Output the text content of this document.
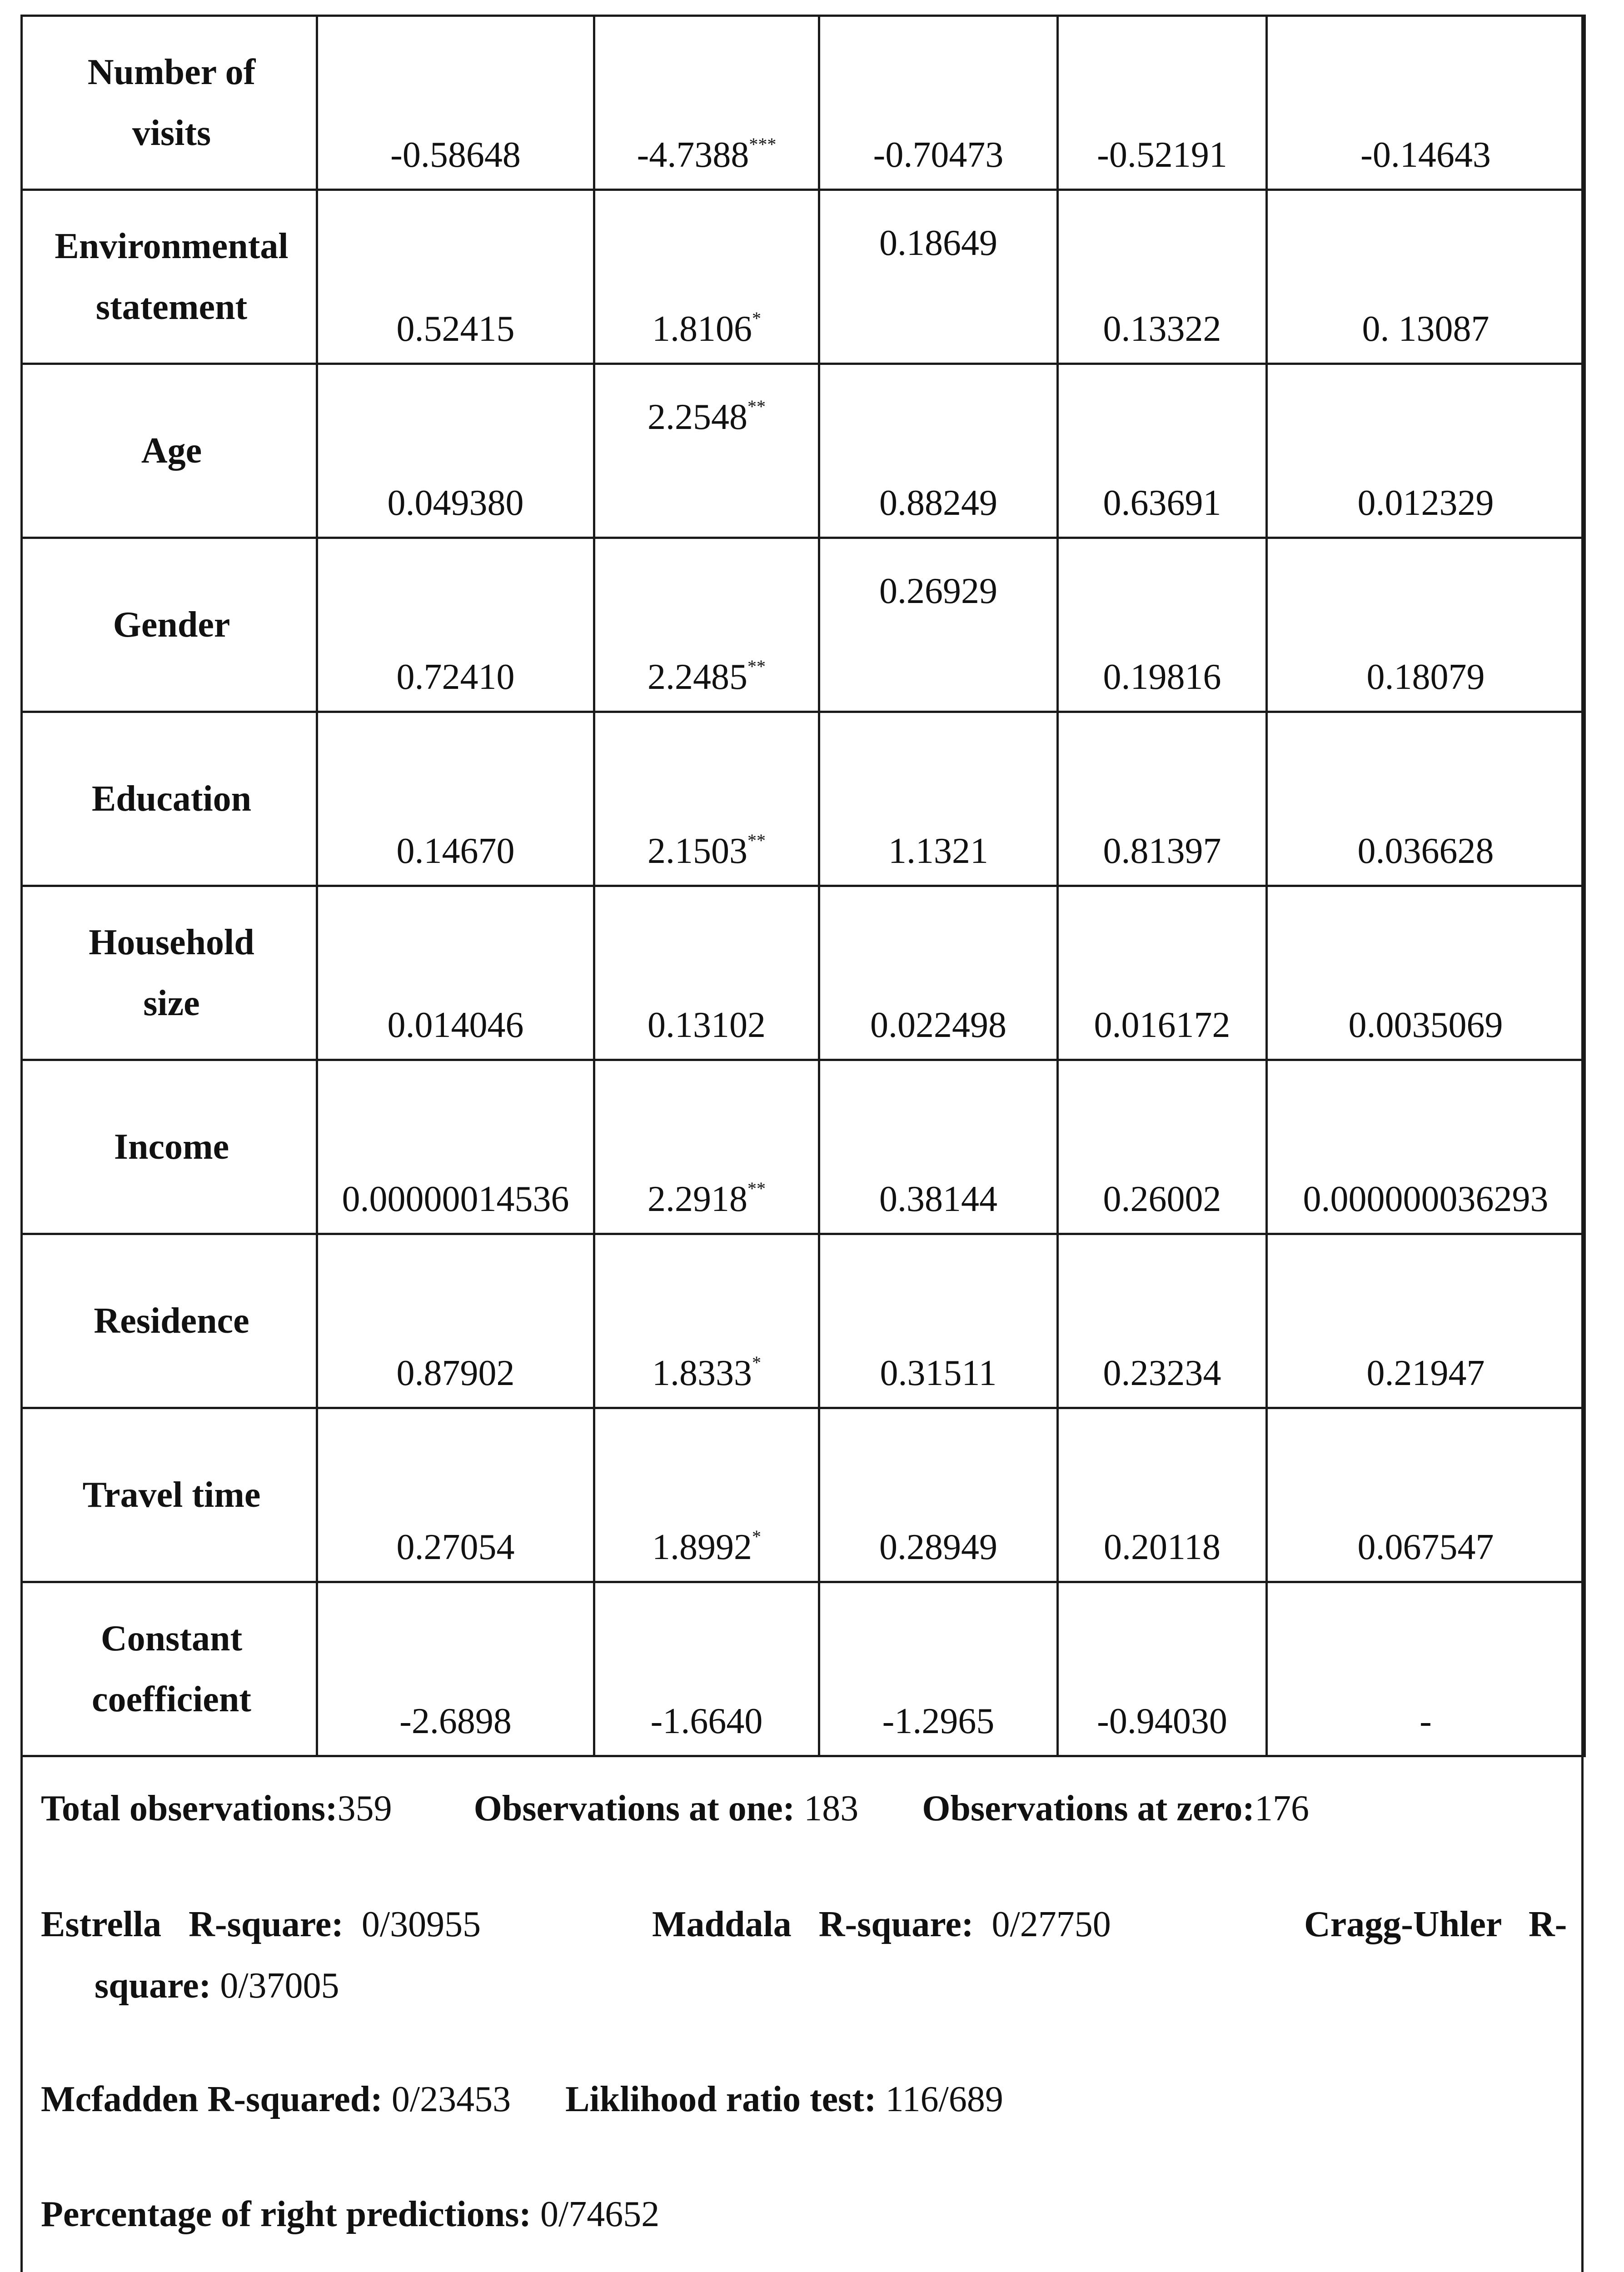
Number of
visits	-0.58648	-4.7388***	-0.70473	-0.52191	-0.14643
Environmental
statement	0.52415	1.8106*	0.18649	0.13322	0. 13087
Age	0.049380	2.2548**	0.88249	0.63691	0.012329
Gender	0.72410	2.2485**	0.26929	0.19816	0.18079
Education	0.14670	2.1503**	1.1321	0.81397	0.036628
Household
size	0.014046	0.13102	0.022498	0.016172	0.0035069
Income	0.00000014536	2.2918**	0.38144	0.26002	0.000000036293
Residence	0.87902	1.8333*	0.31511	0.23234	0.21947
Travel time	0.27054	1.8992*	0.28949	0.20118	0.067547
Constant
coefficient	-2.6898	-1.6640	-1.2965	-0.94030	-
Total observations:359 Observations at one: 183 Observations at zero:176
Estrella   R-square:  0/30955	Maddala   R-square:  0/27750	Cragg-Uhler   R-
square: 0/37005
Mcfadden R-squared: 0/23453 Liklihood ratio test: 116/689
Percentage of right predictions: 0/74652
